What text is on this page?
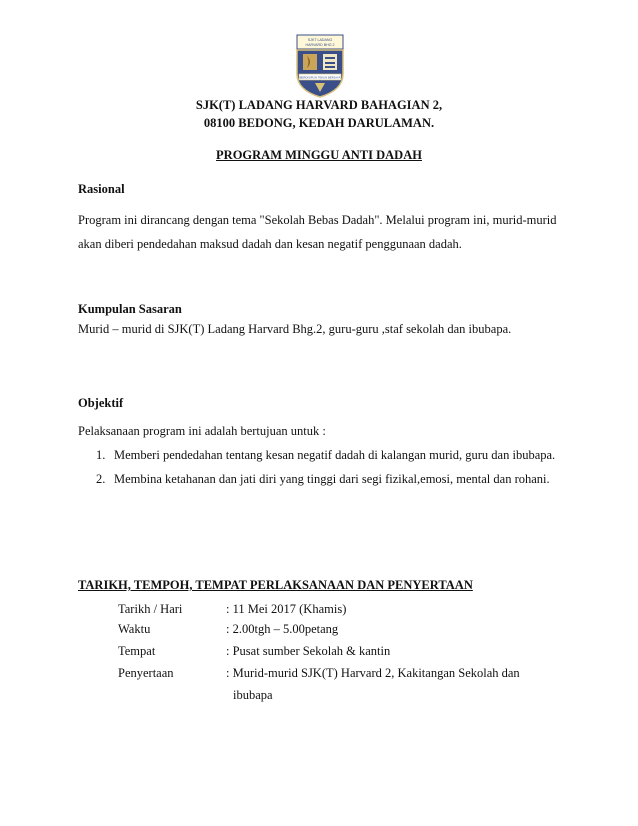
SJKT LADANG
HARVARD BHG 2
BERDISIPLIN TEKUN BERJAYA
SJK(T) LADANG HARVARD BAHAGIAN 2,
08100 BEDONG, KEDAH DARULAMAN.
PROGRAM MINGGU ANTI DADAH
Rasional
Program ini dirancang dengan tema "Sekolah Bebas Dadah". Melalui program ini, murid-murid
akan diberi pendedahan maksud dadah dan kesan negatif penggunaan dadah.
Kumpulan Sasaran
Murid – murid di SJK(T) Ladang Harvard Bhg.2, guru-guru ,staf sekolah dan ibubapa.
Objektif
Pelaksanaan program ini adalah bertujuan untuk :
1. Memberi pendedahan tentang kesan negatif dadah di kalangan murid, guru dan ibubapa.
2. Membina ketahanan dan jati diri yang tinggi dari segi fizikal,emosi, mental dan rohani.
TARIKH, TEMPOH, TEMPAT PERLAKSANAAN DAN PENYERTAAN
Tarikh / Hari	: 11 Mei 2017 (Khamis)
Waktu	: 2.00tgh – 5.00petang
Tempat	: Pusat sumber Sekolah & kantin
Penyertaan	: Murid-murid SJK(T) Harvard 2, Kakitangan Sekolah dan
ibubapa
